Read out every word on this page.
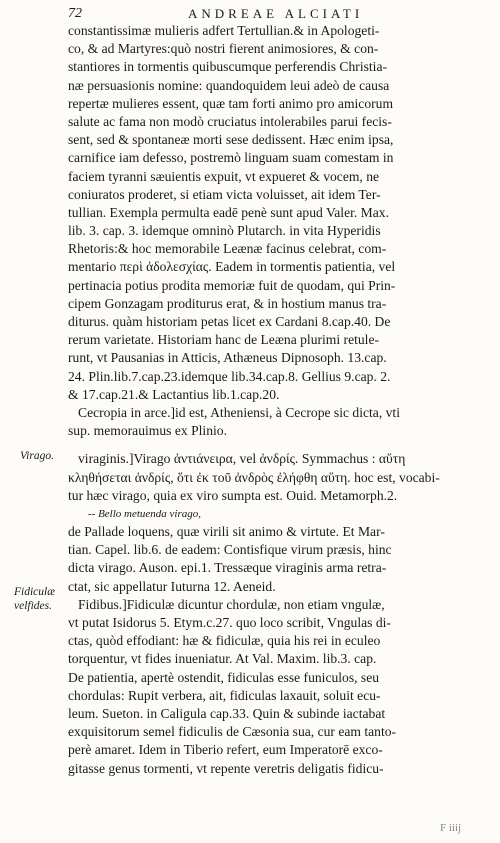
72	ANDREAE ALCIATI
Virago.
Fidiculæ
velfides.
constantissimæ mulieris adfert Tertullian.& in Apologeti-
co, & ad Martyres:quò nostri fierent animosiores, & con-
stantiores in tormentis quibuscumque perferendis Christia-
næ persuasionis nomine: quandoquidem leui adeò de causa
repertæ mulieres essent, quæ tam forti animo pro amicorum
salute ac fama non modò cruciatus intolerabiles parui fecis-
sent, sed & spontaneæ morti sese dedissent. Hæc enim ipsa,
carnifice iam defesso, postremò linguam suam comestam in
faciem tyranni sæuientis expuit, vt expueret & vocem, ne
coniuratos proderet, si etiam victa voluisset, ait idem Ter-
tullian. Exempla permulta eadē penè sunt apud Valer. Max.
lib. 3. cap. 3. idemque omninò Plutarch. in vita Hyperidis
Rhetoris:& hoc memorabile Leænæ facinus celebrat, com-
mentario περὶ ἀδολεσχίας. Eadem in tormentis patientia, vel
pertinacia potius prodita memoriæ fuit de quodam, qui Prin-
cipem Gonzagam proditurus erat, & in hostium manus tra-
diturus. quàm historiam petas licet ex Cardani 8.cap.40. De
rerum varietate. Historiam hanc de Leæna plurimi retule-
runt, vt Pausanias in Atticis, Athæneus Dipnosoph. 13.cap.
24. Plin.lib.7.cap.23.idemque lib.34.cap.8. Gellius 9.cap. 2.
& 17.cap.21.& Lactantius lib.1.cap.20.
Cecropia in arce.]id est, Atheniensi, à Cecrope sic dicta, vti
sup. memorauimus ex Plinio.
viraginis.]Virago ἀντιάνειρα, vel ἀνδρίς. Symmachus : αὕτη
κληθήσεται ἀνδρίς, ὅτι ἐκ τοῦ ἀνδρὸς ἐλήφθη αὕτη. hoc est, vocabi-
tur hæc virago, quia ex viro sumpta est. Ouid. Metamorph.2.
-- Bello metuenda virago,
de Pallade loquens, quæ virili sit animo & virtute. Et Mar-
tian. Capel. lib.6. de eadem: Contisfique virum præsis, hinc
dicta virago. Auson. epi.1. Tressæque viraginis arma retra-
ctat, sic appellatur Iuturna 12. Aeneid.
Fidibus.]Fidiculæ dicuntur chordulæ, non etiam vngulæ,
vt putat Isidorus 5. Etym.c.27. quo loco scribit, Vngulas di-
ctas, quòd effodiant: hæ & fidiculæ, quia his rei in eculeo
torquentur, vt fides inueniatur. At Val. Maxim. lib.3. cap.
De patientia, apertè ostendit, fidiculas esse funiculos, seu
chordulas: Rupit verbera, ait, fidiculas laxauit, soluit ecu-
leum. Sueton. in Caligula cap.33. Quin & subinde iactabat
exquisitorum semel fidiculis de Cæsonia sua, cur eam tanto-
perè amaret. Idem in Tiberio refert, eum Imperatorē exco-
gitasse genus tormenti, vt repente veretris deligatis fidicu-
F iiij
